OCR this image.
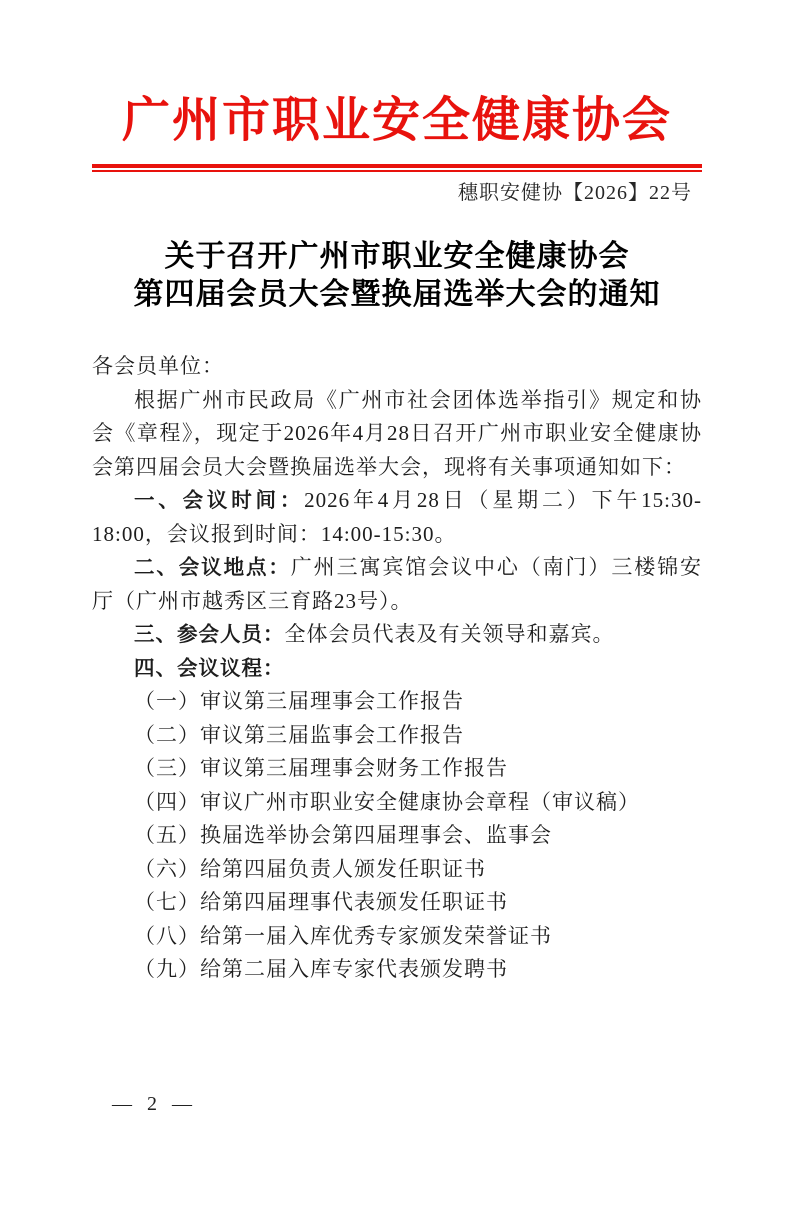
广州市职业安全健康协会
穗职安健协【2026】22号
关于召开广州市职业安全健康协会
第四届会员大会暨换届选举大会的通知

各会员单位：

根据广州市民政局《广州市社会团体选举指引》规定和协会《章程》，现定于2026年4月28日召开广州市职业安全健康协会第四届会员大会暨换届选举大会，现将有关事项通知如下：

一、会议时间：2026年4月28日（星期二）下午15:30-18:00，会议报到时间：14:00-15:30。

二、会议地点：广州三寓宾馆会议中心（南门）三楼锦安厅（广州市越秀区三育路23号）。

三、参会人员：全体会员代表及有关领导和嘉宾。

四、会议议程：

（一）审议第三届理事会工作报告

（二）审议第三届监事会工作报告

（三）审议第三届理事会财务工作报告

（四）审议广州市职业安全健康协会章程（审议稿）

（五）换届选举协会第四届理事会、监事会

（六）给第四届负责人颁发任职证书

（七）给第四届理事代表颁发任职证书

（八）给第一届入库优秀专家颁发荣誉证书

（九）给第二届入库专家代表颁发聘书

— 2 —
